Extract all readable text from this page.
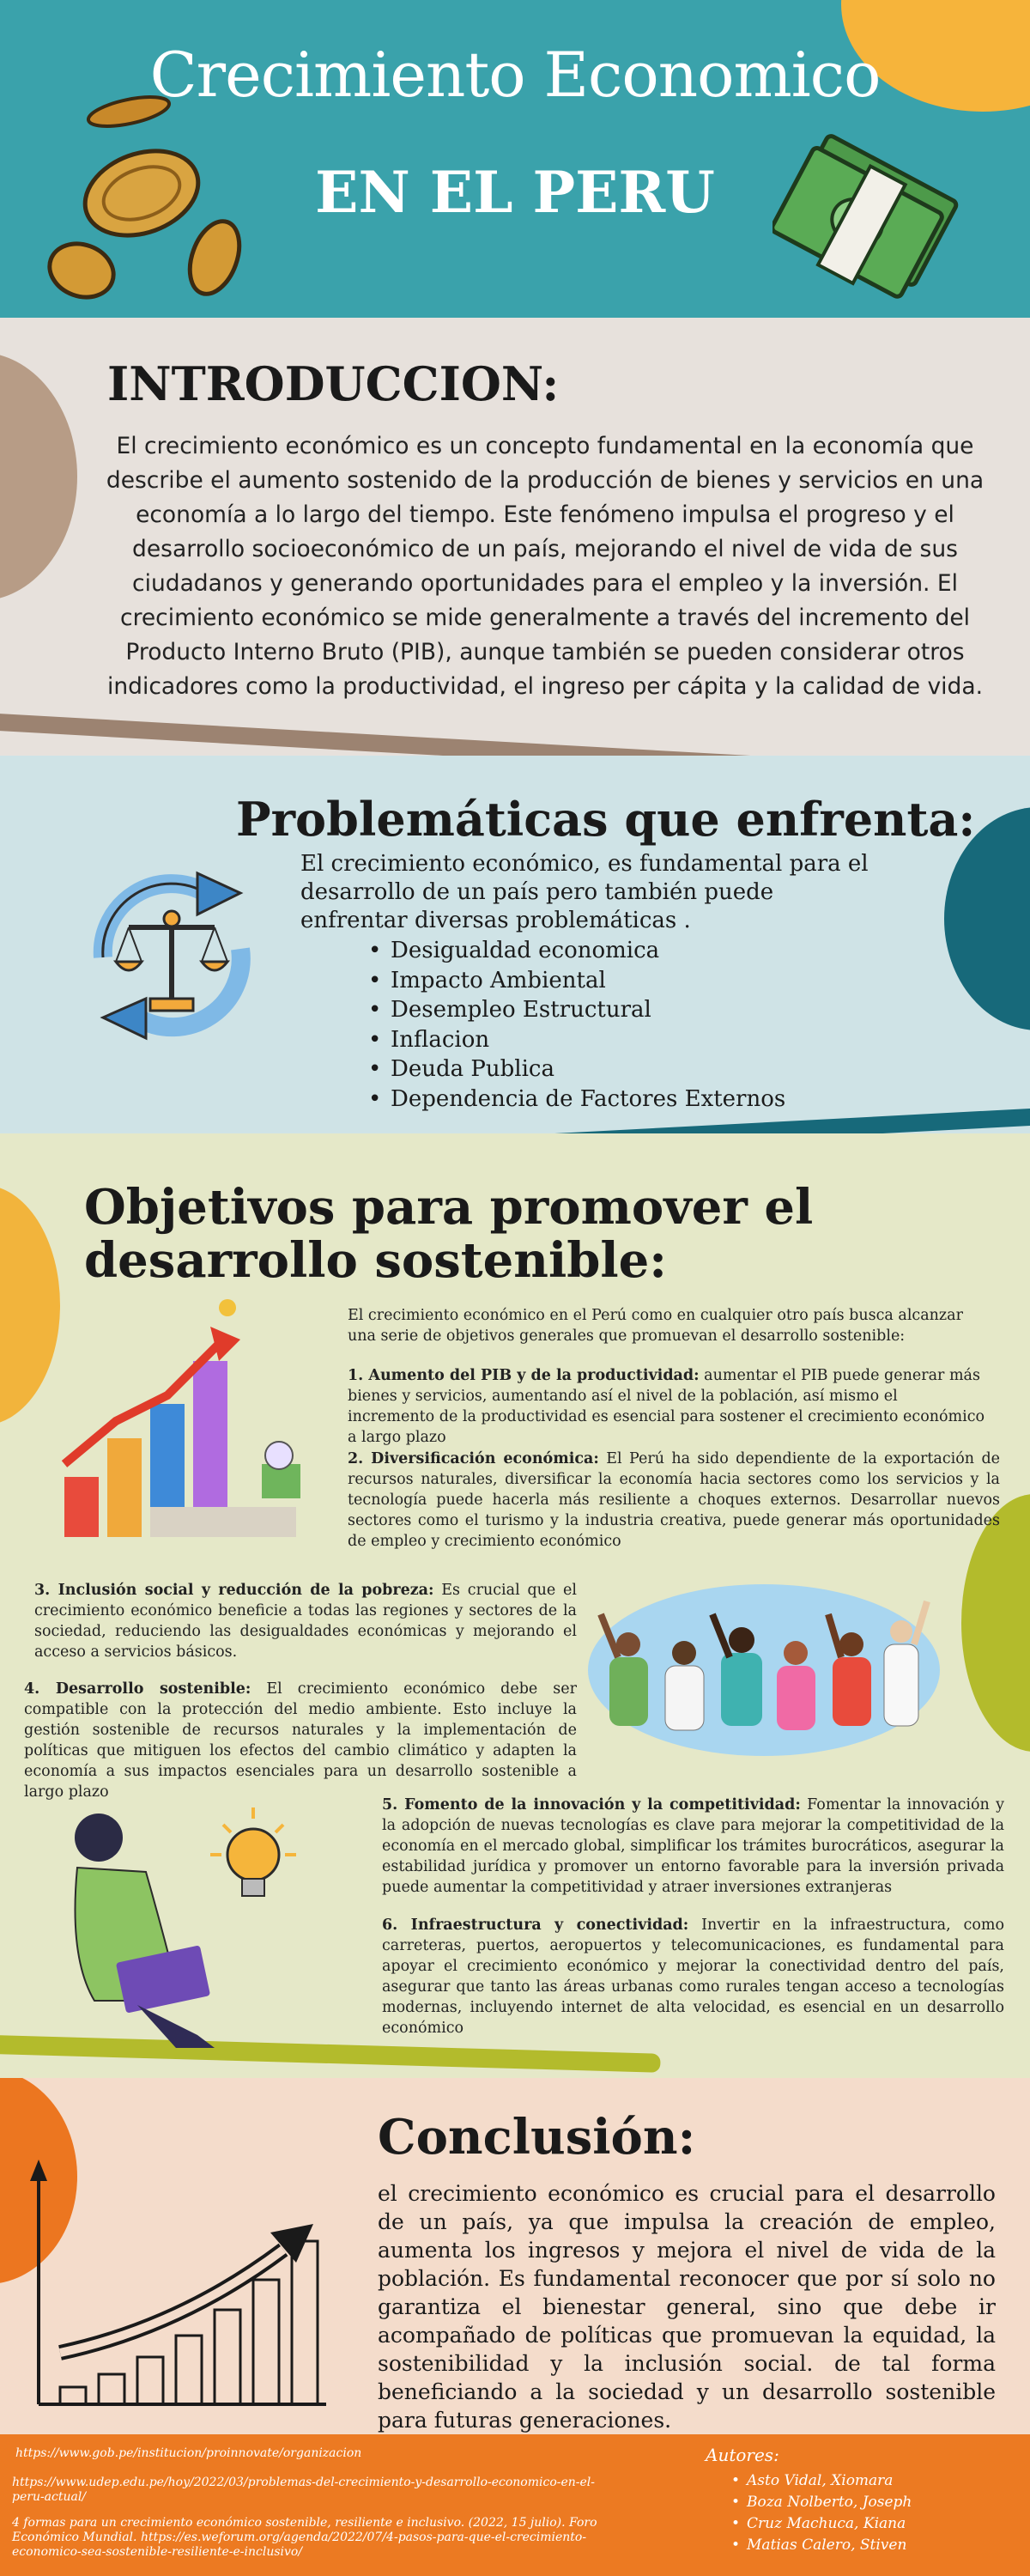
Crecimiento Economico
EN EL PERU
INTRODUCCION:

El crecimiento económico es un concepto fundamental en la economía que describe el aumento sostenido de la producción de bienes y servicios en una economía a lo largo del tiempo. Este fenómeno impulsa el progreso y el desarrollo socioeconómico de un país, mejorando el nivel de vida de sus ciudadanos y generando oportunidades para el empleo y la inversión. El crecimiento económico se mide generalmente a través del incremento del Producto Interno Bruto (PIB), aunque también se pueden considerar otros indicadores como la productividad, el ingreso per cápita y la calidad de vida.

Problemáticas que enfrenta:

El crecimiento económico, es fundamental para el desarrollo de un país pero también puede enfrentar diversas problemáticas .

• Desigualdad economica
• Impacto Ambiental
• Desempleo Estructural
• Inflacion
• Deuda Publica
• Dependencia de Factores Externos
Objetivos para promover el desarrollo sostenible:
El crecimiento económico en el Perú como en cualquier otro país busca alcanzar una serie de objetivos generales que promuevan el desarrollo sostenible:
1. Aumento del PIB y de la productividad: aumentar el PIB puede generar más bienes y servicios, aumentando así el nivel de la población, así mismo el incremento de la productividad es esencial para sostener el crecimiento económico a largo plazo
2. Diversificación económica: El Perú ha sido dependiente de la exportación de recursos naturales, diversificar la economía hacia sectores como los servicios y la tecnología puede hacerla más resiliente a choques externos. Desarrollar nuevos sectores como el turismo y la industria creativa, puede generar más oportunidades de empleo y crecimiento económico
3. Inclusión social y reducción de la pobreza: Es crucial que el crecimiento económico beneficie a todas las regiones y sectores de la sociedad, reduciendo las desigualdades económicas y mejorando el acceso a servicios básicos.
4. Desarrollo sostenible: El crecimiento económico debe ser compatible con la protección del medio ambiente. Esto incluye la gestión sostenible de recursos naturales y la implementación de políticas que mitiguen los efectos del cambio climático y adapten la economía a sus impactos esenciales para un desarrollo sostenible a largo plazo
5. Fomento de la innovación y la competitividad: Fomentar la innovación y la adopción de nuevas tecnologías es clave para mejorar la competitividad de la economía en el mercado global, simplificar los trámites burocráticos, asegurar la estabilidad jurídica y promover un entorno favorable para la inversión privada puede aumentar la competitividad y atraer inversiones extranjeras
6. Infraestructura y conectividad: Invertir en la infraestructura, como carreteras, puertos, aeropuertos y telecomunicaciones, es fundamental para apoyar el crecimiento económico y mejorar la conectividad dentro del país, asegurar que tanto las áreas urbanas como rurales tengan acceso a tecnologías modernas, incluyendo internet de alta velocidad, es esencial en un desarrollo económico
Conclusión:

el crecimiento económico es crucial para el desarrollo de un país, ya que impulsa la creación de empleo, aumenta los ingresos y mejora el nivel de vida de la población. Es fundamental reconocer que por sí solo no garantiza el bienestar general, sino que debe ir acompañado de políticas que promuevan la equidad, la sostenibilidad y la inclusión social. de tal forma beneficiando a la sociedad y un desarrollo sostenible para futuras generaciones.

https://www.gob.pe/institucion/proinnovate/organizacion
https://www.udep.edu.pe/hoy/2022/03/problemas-del-crecimiento-y-desarrollo-economico-en-el-peru-actual/
4 formas para un crecimiento económico sostenible, resiliente e inclusivo. (2022, 15 julio). Foro Económico Mundial. https://es.weforum.org/agenda/2022/07/4-pasos-para-que-el-crecimiento-economico-sea-sostenible-resiliente-e-inclusivo/
Autores:
• Asto Vidal, Xiomara
• Boza Nolberto, Joseph
• Cruz Machuca, Kiana
• Matias Calero, Stiven
